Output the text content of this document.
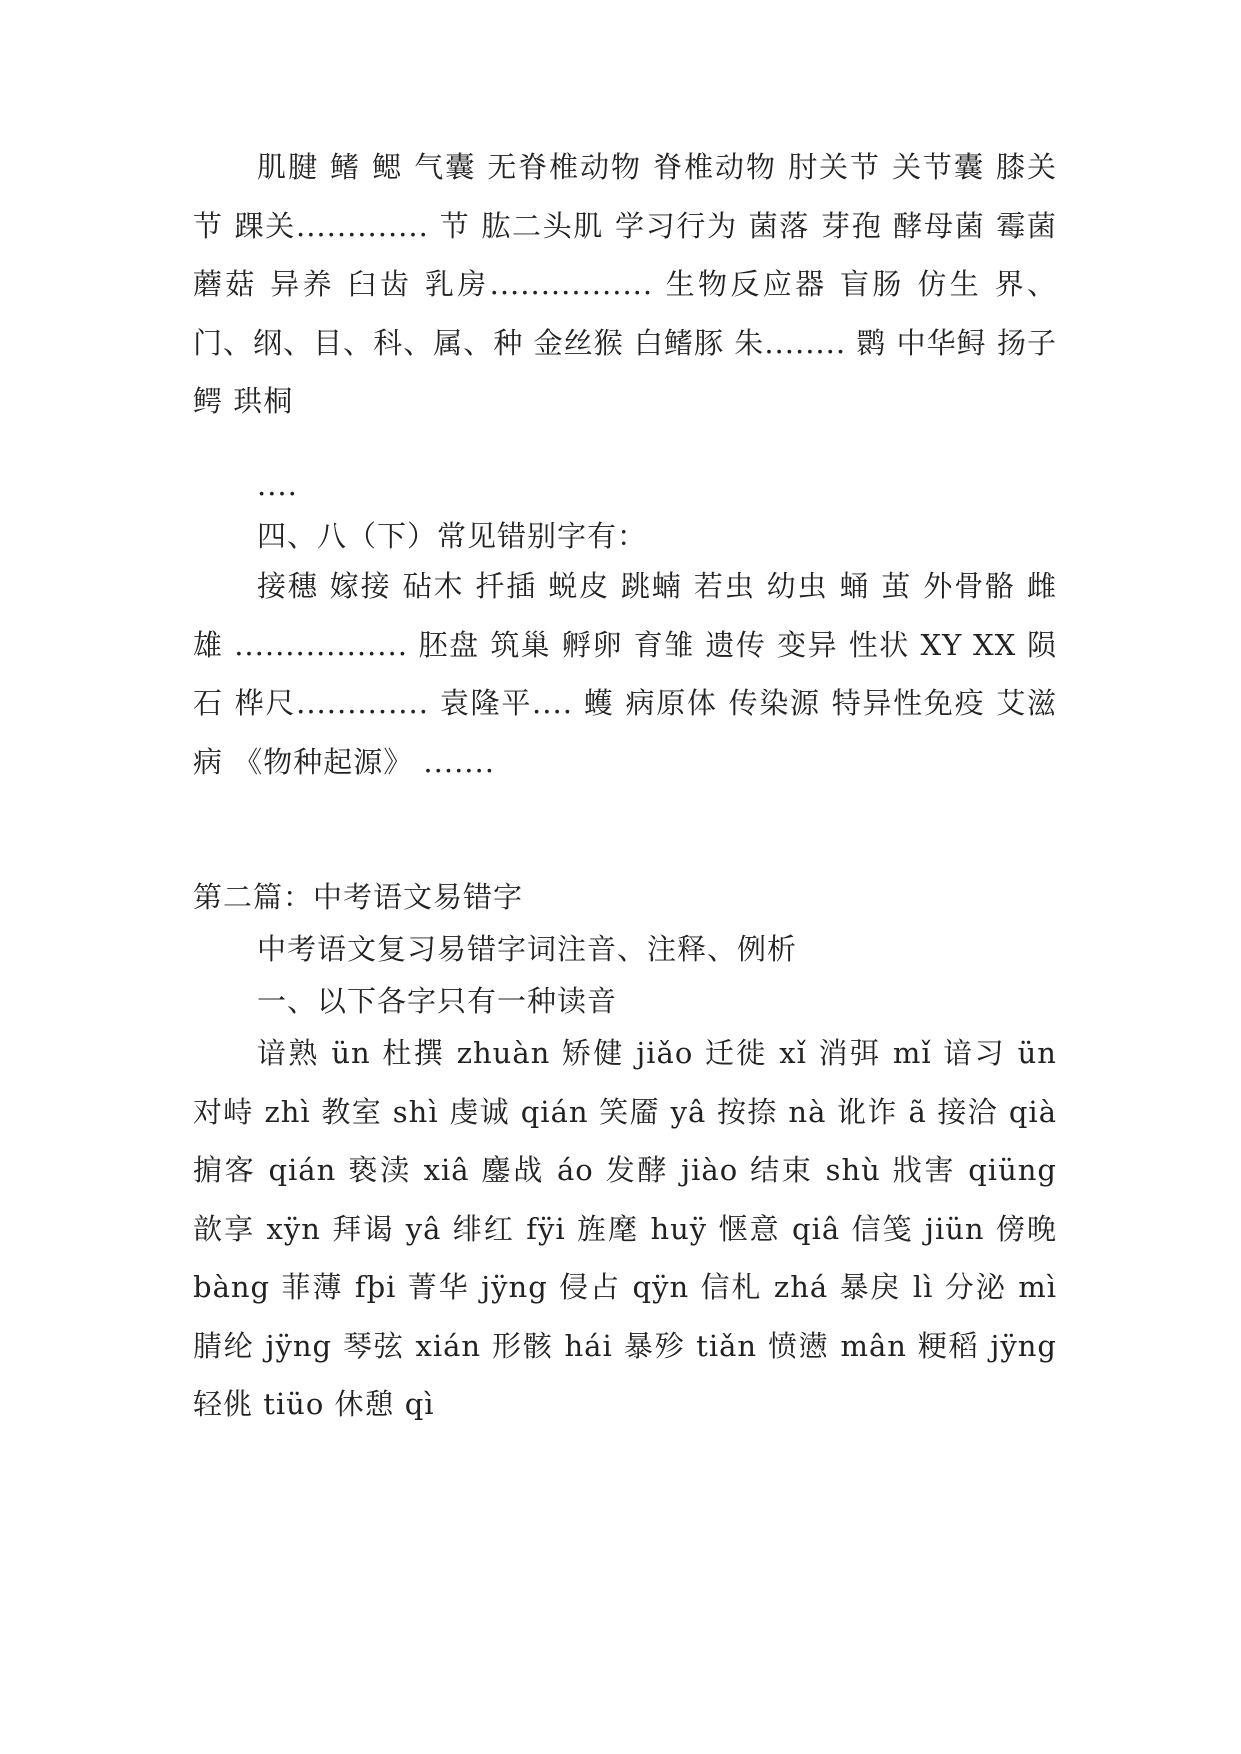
肌腱 鳍 鳃 气囊 无脊椎动物 脊椎动物 肘关节 关节囊 膝关节 踝关............. 节 肱二头肌 学习行为 菌落 芽孢 酵母菌 霉菌 蘑菇 异养 臼齿 乳房................ 生物反应器 盲肠 仿生 界、门、纲、目、科、属、种 金丝猴 白鳍豚 朱........ 鹮 中华鲟 扬子鳄 珙桐

....

四、八（下）常见错别字有：

接穗 嫁接 砧木 扦插 蜕皮 跳蝻 若虫 幼虫 蛹 茧 外骨骼 雌雄 ................. 胚盘 筑巢 孵卵 育雏 遗传 变异 性状 XY XX 陨石 桦尺............. 袁隆平.... 蠖 病原体 传染源 特异性免疫 艾滋病 《物种起源》 .......

第二篇：中考语文易错字

中考语文复习易错字词注音、注释、例析

一、以下各字只有一种读音

谙熟 ün 杜撰 zhuàn 矫健 jiǎo 迁徙 xǐ 消弭 mǐ 谙习 ün 对峙 zhì 教室 shì 虔诚 qián 笑靥 yâ 按捺 nà 讹诈 ã 接洽 qià 掮客 qián 亵渎 xiâ 鏖战 áo 发酵 jiào 结束 shù 戕害 qiüng 歆享 xÿn 拜谒 yâ 绯红 fÿi 旌麾 huÿ 惬意 qiâ 信笺 jiün 傍晚 bàng 菲薄 fþi 菁华 jÿng 侵占 qÿn 信札 zhá 暴戾 lì 分泌 mì 腈纶 jÿng 琴弦 xián 形骸 hái 暴殄 tiǎn 愤懑 mân 粳稻 jÿng 轻佻 tiüo 休憩 qì
